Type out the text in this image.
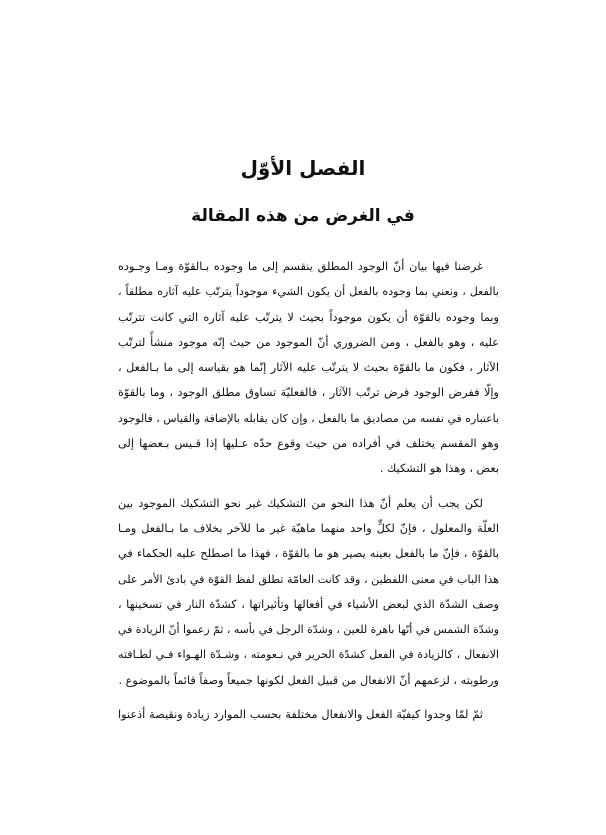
الفصل الأوّل
في الغرض من هذه المقالة

غرضنا فيها بيان أنّ الوجود المطلق ينقسم إلى ما وجوده بـالقوّة ومـا وجـوده
بالفعل ، ونعني بما وجوده بالفعل أن يكون الشيء موجوداً يترتّب عليه آثاره مطلقاً ،
وبما وجوده بالقوّة أن يكون موجوداً بحيث لا يترتّب عليه آثاره التي كانت تترتّب
عليه ، وهو بالفعل ، ومن الضروري أنّ الموجود من حيث إنّه موجود منشأً لترتّب
الآثار ، فكون ما بالقوّة بحيث لا يترتّب عليه الآثار إنّما هو بقياسه إلى ما بـالفعل ،
وإلّا ففرض الوجود فرض ترتّب الآثار ، فالفعليّة تساوق مطلق الوجود ، وما بالقوّة
باعتباره في نفسه من مصاديق ما بالفعل ، وإن كان يقابله بالإضافة والقياس ، فالوجود
وهو المقسم يختلف في أفراده من حيث وقوع حدّه عـليها إذا قـيس بـعضها إلى
بعض ، وهذا هو التشكيك .

لكن يجب أن يعلم أنّ هذا النحو من التشكيك غير نحو التشكيك الموجود بين
العلّة والمعلول ، فإنّ لكلٍّ واحد منهما ماهيّة غير ما للآخر بخلاف ما بـالفعل ومـا
بالقوّة ، فإنّ ما بالفعل بعينه يصير هو ما بالقوّة ، فهذا ما اصطلح عليه الحكماء في
هذا الباب في معنى اللفظين ، وقد كانت العامّة تطلق لفظ القوّة في بادئ الأمر على
وصف الشدّة الذي لبعض الأشياء في أفعالها وتأثيراتها ، كشدّة النار في تسخينها ،
وشدّة الشمس في أنّها باهرة للعين ، وشدّة الرجل في بأسه ، ثمّ زعموا أنّ الزيادة في
الانفعال ، كالزيادة في الفعل كشدّة الحرير في نـعومته ، وشـدّة الهـواء فـي لطـافته
ورطوبته ، لزعمهم أنّ الانفعال من قبيل الفعل لكونها جميعاً وصفاً قائماً بالموضوع .

ثمّ لمّا وجدوا كيفيّة الفعل والانفعال مختلفة بحسب الموارد زيادة ونقيصة أذعنوا
